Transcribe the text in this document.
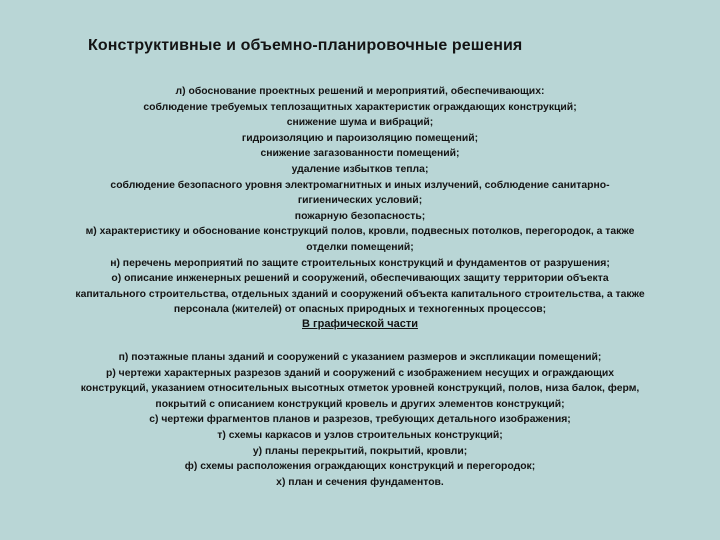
Конструктивные и объемно-планировочные решения
л) обоснование проектных решений и мероприятий, обеспечивающих:
соблюдение требуемых теплозащитных характеристик ограждающих конструкций;
снижение шума и вибраций;
гидроизоляцию и пароизоляцию помещений;
снижение загазованности помещений;
удаление избытков тепла;
соблюдение безопасного уровня электромагнитных и иных излучений, соблюдение санитарно-
гигиенических условий;
пожарную безопасность;
м) характеристику и обоснование конструкций полов, кровли, подвесных потолков, перегородок, а также
отделки помещений;
н) перечень мероприятий по защите строительных конструкций и фундаментов от разрушения;
о) описание инженерных решений и сооружений, обеспечивающих защиту территории объекта
капитального строительства, отдельных зданий и сооружений объекта капитального строительства, а также
персонала (жителей) от опасных природных и техногенных процессов;
В графической части
п) поэтажные планы зданий и сооружений с указанием размеров и экспликации помещений;
р) чертежи характерных разрезов зданий и сооружений с изображением несущих и ограждающих
конструкций, указанием относительных высотных отметок уровней конструкций, полов, низа балок, ферм,
покрытий с описанием конструкций кровель и других элементов конструкций;
с) чертежи фрагментов планов и разрезов, требующих детального изображения;
т) схемы каркасов и узлов строительных конструкций;
у) планы перекрытий, покрытий, кровли;
ф) схемы расположения ограждающих конструкций и перегородок;
х) план и сечения фундаментов.
